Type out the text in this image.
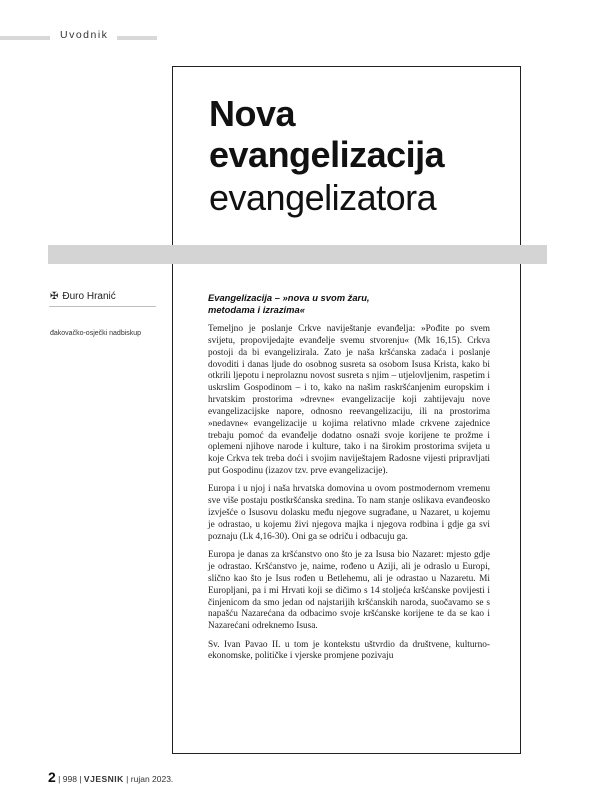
Uvodnik
Nova
evangelizacija
evangelizatora
✠ Đuro Hranić
đakovačko-osječki nadbiskup

Evangelizacija – »nova u svom žaru,
metodama i izrazima«

Temeljno je poslanje Crkve naviještanje evanđelja: »Pođite po svem svijetu, propovijedajte evanđelje svemu stvorenju« (Mk 16,15). Crkva postoji da bi evangelizirala. Zato je naša kršćanska zadaća i poslanje dovoditi i danas ljude do osobnog susreta sa osobom Isusa Krista, kako bi otkrili ljepotu i neprolaznu novost susreta s njim – utjelovljenim, raspetim i uskrslim Gospodinom – i to, kako na našim raskršćanjenim europskim i hrvatskim prostorima »drevne« evangelizacije koji zahtijevaju nove evangelizacijske napore, odnosno reevangelizaciju, ili na prostorima »nedavne« evangelizacije u kojima relativno mlade crkvene zajednice trebaju pomoć da evanđelje dodatno osnaži svoje korijene te prožme i oplemeni njihove narode i kulture, tako i na širokim prostorima svijeta u koje Crkva tek treba doći i svojim naviještajem Radosne vijesti pripravljati put Gospodinu (izazov tzv. prve evangelizacije).

Europa i u njoj i naša hrvatska domovina u ovom postmodernom vremenu sve više postaju postkršćanska sredina. To nam stanje oslikava evanđeosko izvješće o Isusovu dolasku među njegove sugrađane, u Nazaret, u kojemu je odrastao, u kojemu živi njegova majka i njegova rodbina i gdje ga svi poznaju (Lk 4,16-30). Oni ga se odriču i odbacuju ga.

Europa je danas za kršćanstvo ono što je za Isusa bio Nazaret: mjesto gdje je odrastao. Kršćanstvo je, naime, rođeno u Aziji, ali je odraslo u Europi, slično kao što je Isus rođen u Betlehemu, ali je odrastao u Nazaretu. Mi Europljani, pa i mi Hrvati koji se dičimo s 14 stoljeća kršćanske povijesti i činjenicom da smo jedan od najstarijih kršćanskih naroda, suočavamo se s napašću Nazarećana da odbacimo svoje kršćanske korijene te da se kao i Nazarećani odreknemo Isusa.

Sv. Ivan Pavao II. u tom je kontekstu uštvrdio da društvene, kulturno-ekonomske, političke i vjerske promjene pozivaju

2 | 998 | VJESNIK | rujan 2023.
